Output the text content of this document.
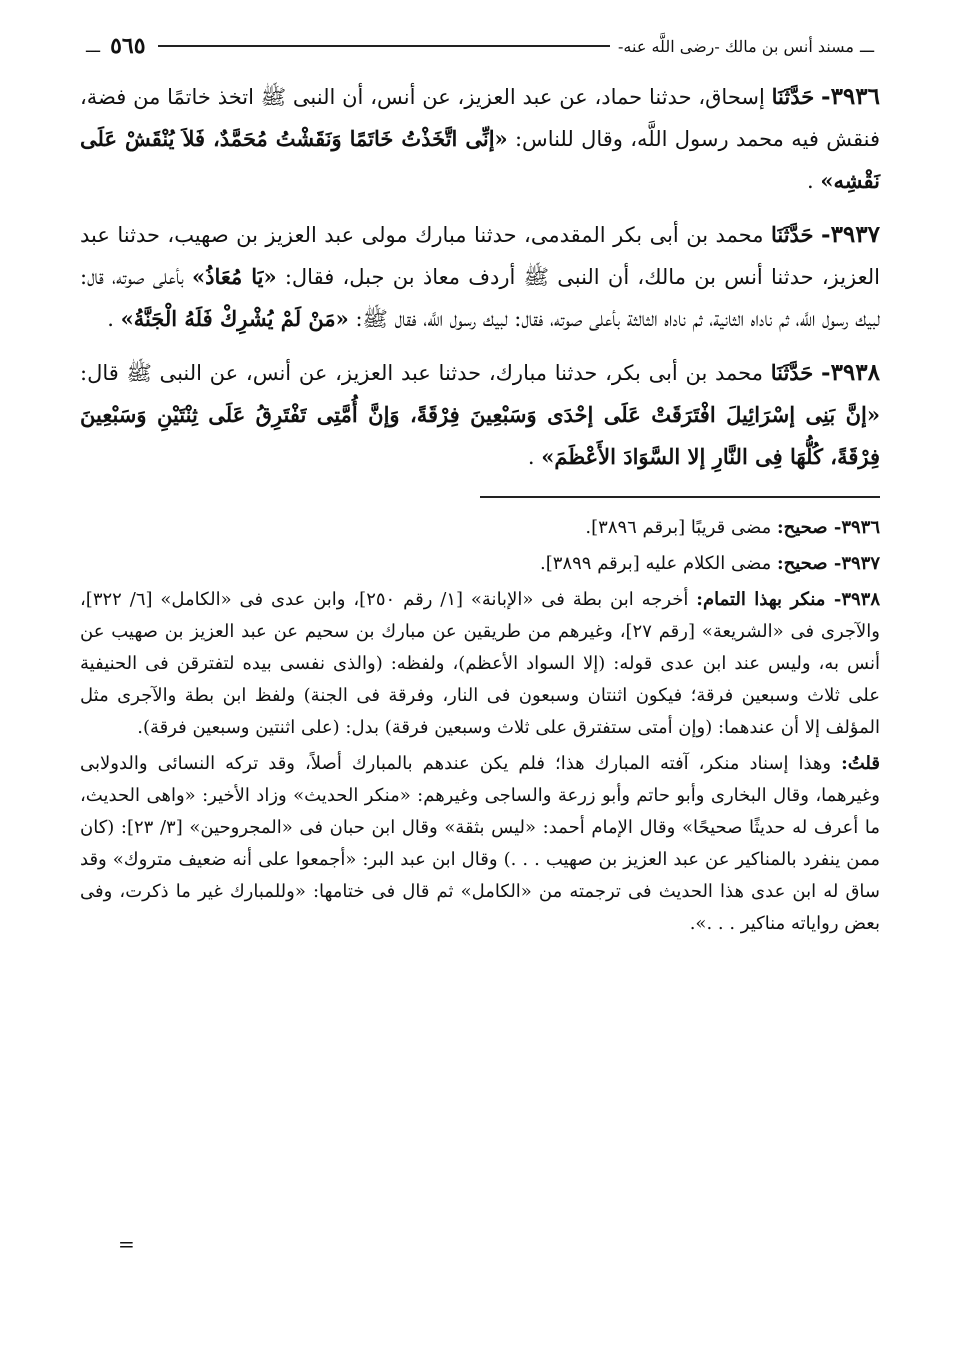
ـــ
مسند أنس بن مالك -رضى اللَّه عنه-
٥٦٥
ـــ

٣٩٣٦- حَدَّثَنَا إسحاق، حدثنا حماد، عن عبد العزيز، عن أنس، أن النبى ﷺ اتخذ خاتمًا من فضة، فنقش فيه محمد رسول اللَّه، وقال للناس: «إنِّى اتَّخَذْتُ خَاتَمًا وَنَقَشْتُ مُحَمَّدٌ، فَلاَ يُنْقَشْ عَلَى نَقْشِه» .

٣٩٣٧- حَدَّثَنَا محمد بن أبى بكر المقدمى، حدثنا مبارك مولى عبد العزيز بن صهيب، حدثنا عبد العزيز، حدثنا أنس بن مالك، أن النبى ﷺ أردف معاذ بن جبل، فقال: «يَا مُعَاذُ» بأعلى صوته، قال: لبيك رسول اللَّه، ثم ناداه الثانية، ثم ناداه الثالثة بأعلى صوته، فقال: لبيك رسول اللَّه، فقال ﷺ: «مَنْ لَمْ يُشْرِكْ فَلَهُ الْجَنَّةُ» .

٣٩٣٨- حَدَّثَنَا محمد بن أبى بكر، حدثنا مبارك، حدثنا عبد العزيز، عن أنس، عن النبى ﷺ قال: «إنَّ بَنِى إسْرَائِيلَ افْتَرَقَتْ عَلَى إحْدَى وَسَبْعِينَ فِرْقَةً، وَإنَّ أُمَّتِى تَفْتَرِقُ عَلَى ثِنْتَيْنِ وَسَبْعِينَ فِرْقَةً، كُلُّهَا فِى النَّارِ إلا السَّوَادَ الأَعْظَمَ» .

٣٩٣٦- صحيح: مضى قريبًا [برقم ٣٨٩٦].

٣٩٣٧- صحيح: مضى الكلام عليه [برقم ٣٨٩٩].

٣٩٣٨- منكر بهذا التمام: أخرجه ابن بطة فى «الإبانة» [١/ رقم ٢٥٠]، وابن عدى فى «الكامل» [٦/ ٣٢٢]، والآجرى فى «الشريعة» [رقم ٢٧]، وغيرهم من طريقين عن مبارك بن سحيم عن عبد العزيز بن صهيب عن أنس به، وليس عند ابن عدى قوله: (إلا السواد الأعظم)، ولفظه: (والذى نفسى بيده لتفترقن فى الحنيفية على ثلاث وسبعين فرقة؛ فيكون اثنتان وسبعون فى النار، وفرقة فى الجنة) ولفظ ابن بطة والآجرى مثل المؤلف إلا أن عندهما: (وإن أمتى ستفترق على ثلاث وسبعين فرقة) بدل: (على اثنتين وسبعين فرقة).

قلتُ: وهذا إسناد منكر، آفته المبارك هذا؛ فلم يكن عندهم بالمبارك أصلاً، وقد تركه النسائى والدولابى وغيرهما، وقال البخارى وأبو حاتم وأبو زرعة والساجى وغيرهم: «منكر الحديث» وزاد الأخير: «واهى الحديث، ما أعرف له حديثًا صحيحًا» وقال الإمام أحمد: «ليس بثقة» وقال ابن حبان فى «المجروحين» [٣/ ٢٣]: (كان ممن ينفرد بالمناكير عن عبد العزيز بن صهيب . . .) وقال ابن عبد البر: «أجمعوا على أنه ضعيف متروك» وقد ساق له ابن عدى هذا الحديث فى ترجمته من «الكامل» ثم قال فى ختامها: «وللمبارك غير ما ذكرت، وفى بعض رواياته مناكير . . .».

=
